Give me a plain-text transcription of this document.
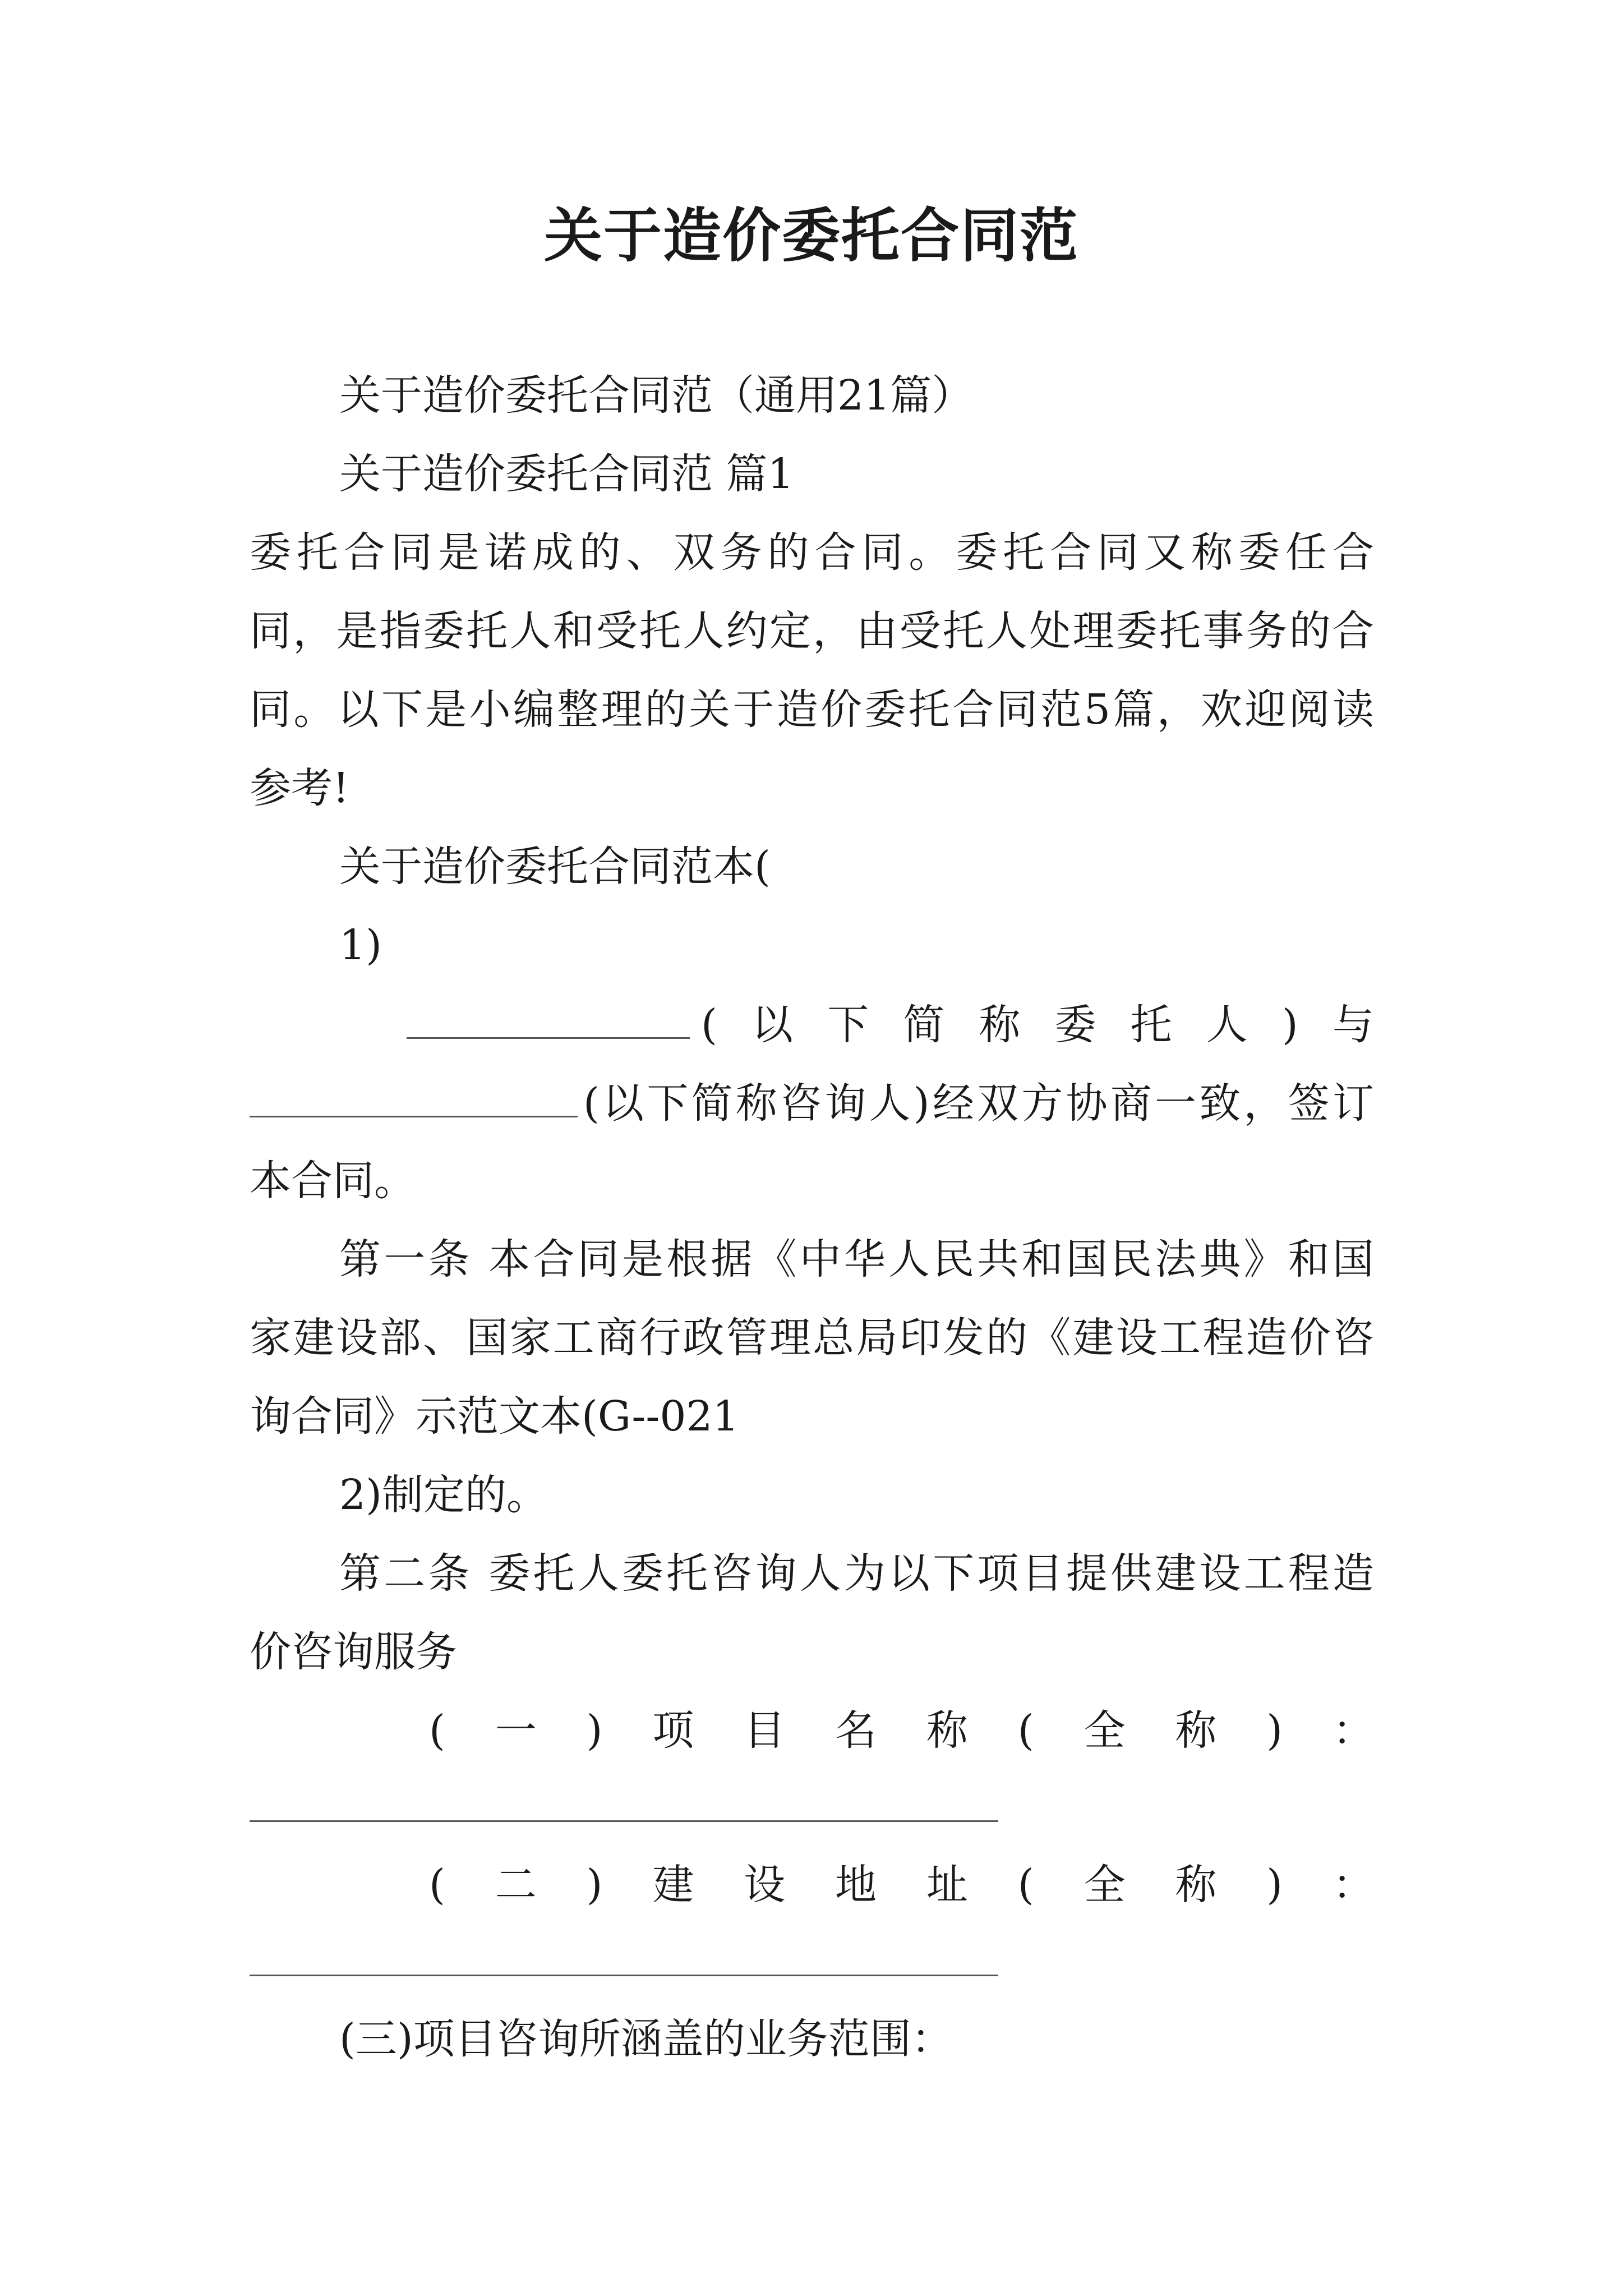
关于造价委托合同范
关于造价委托合同范（通用21篇）
关于造价委托合同范 篇1
委托合同是诺成的、双务的合同。委托合同又称委任合
同，是指委托人和受托人约定，由受托人处理委托事务的合
同。以下是小编整理的关于造价委托合同范5篇，欢迎阅读
参考!
关于造价委托合同范本(
1)
( 以 下 简 称 委 托 人 ) 与
(以下简称咨询人)经双方协商一致，签订
本合同。
第一条 本合同是根据《中华人民共和国民法典》和国
家建设部、国家工商行政管理总局印发的《建设工程造价咨
询合同》示范文本(G--021
2)制定的。
第二条 委托人委托咨询人为以下项目提供建设工程造
价咨询服务
( 一 ) 项 目 名 称 ( 全 称 ) ：
( 二 ) 建 设 地 址 ( 全 称 ) ：
(三)项目咨询所涵盖的业务范围：
